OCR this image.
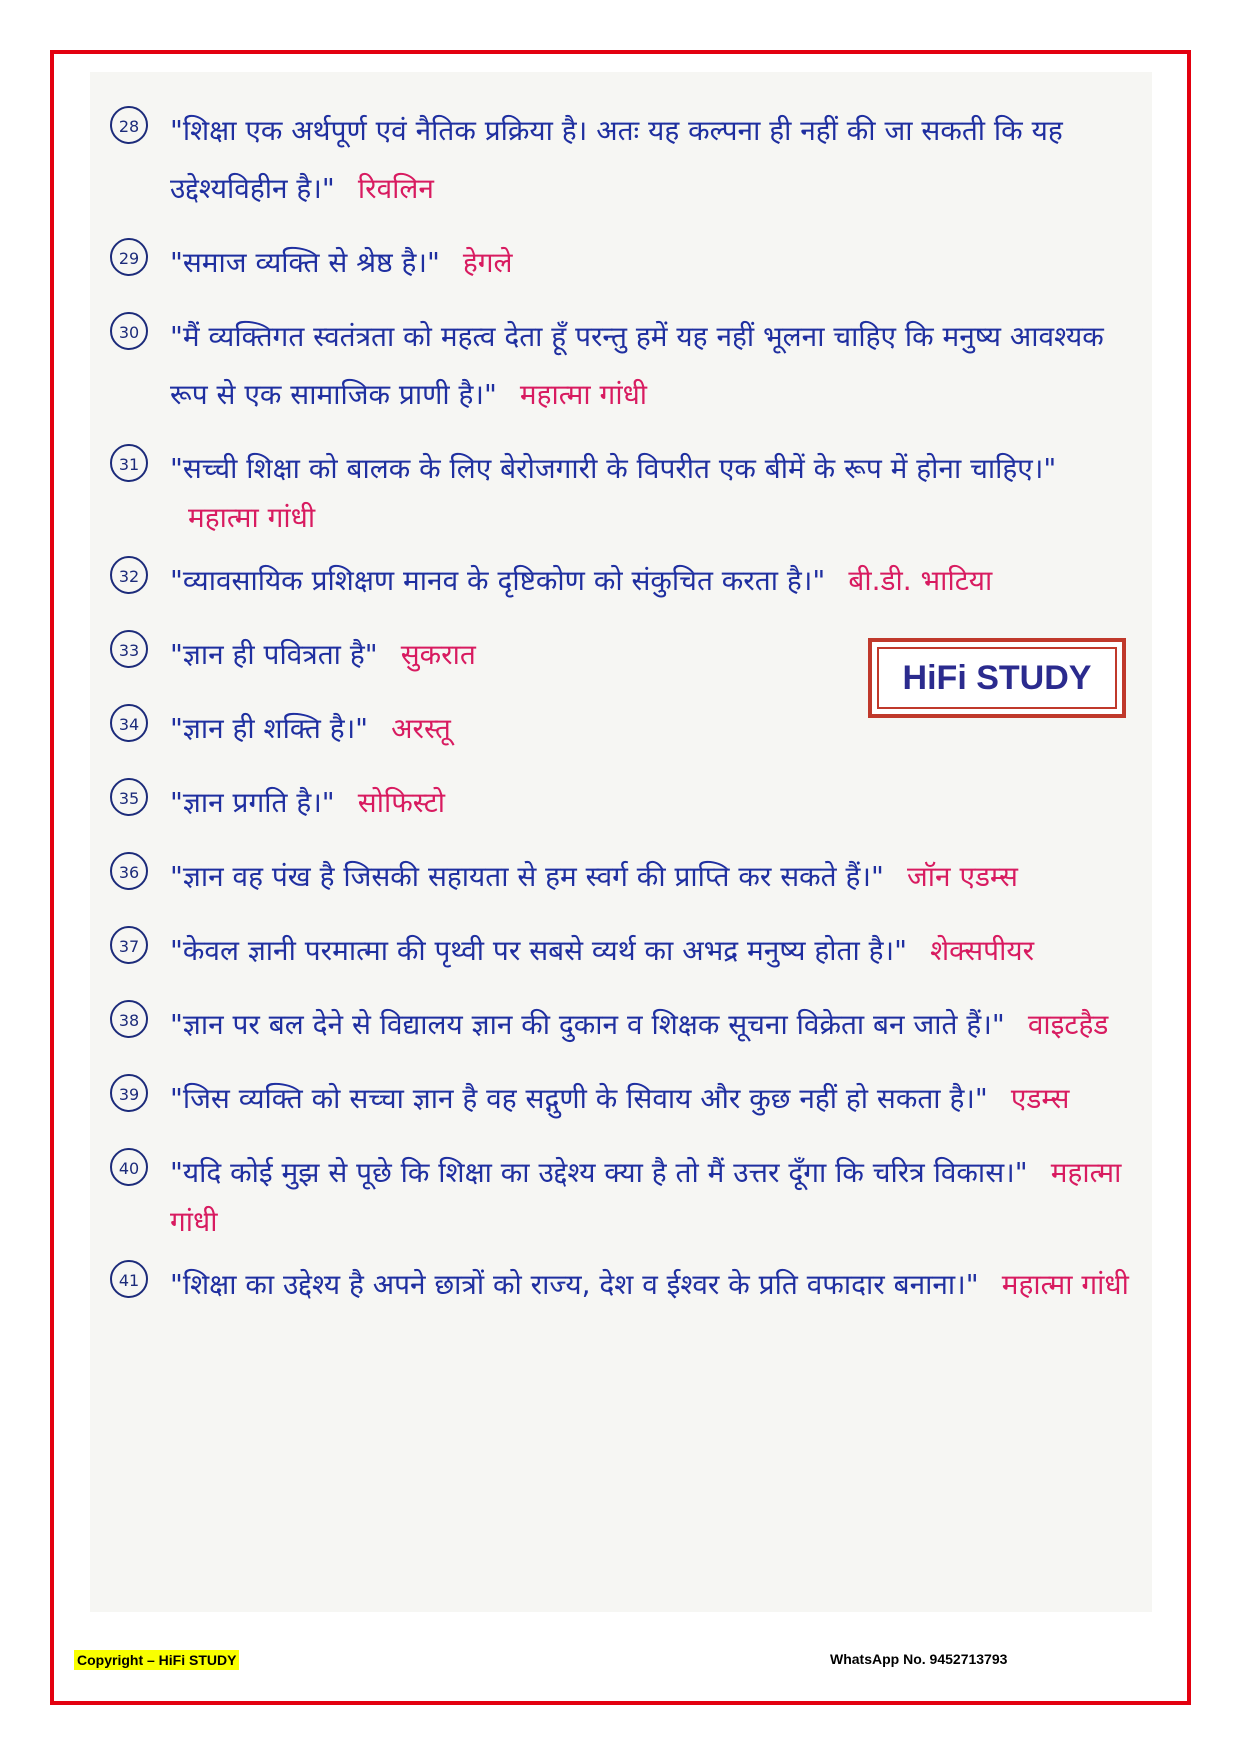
28	"शिक्षा एक अर्थपूर्ण एवं नैतिक प्रक्रिया है। अतः यह कल्पना ही नहीं की जा सकती कि यह उद्देश्यविहीन है।" रिवलिन
29	"समाज व्यक्ति से श्रेष्ठ है।" हेगले
30	"मैं व्यक्तिगत स्वतंत्रता को महत्व देता हूँ परन्तु हमें यह नहीं भूलना चाहिए कि मनुष्य आवश्यक रूप से एक सामाजिक प्राणी है।" महात्मा गांधी
31	"सच्ची शिक्षा को बालक के लिए बेरोजगारी के विपरीत एक बीमें के रूप में होना चाहिए।" महात्मा गांधी
32	"व्यावसायिक प्रशिक्षण मानव के दृष्टिकोण को संकुचित करता है।" बी.डी. भाटिया
33	"ज्ञान ही पवित्रता है" सुकरात
34	"ज्ञान ही शक्ति है।" अरस्तू
35	"ज्ञान प्रगति है।" सोफिस्टो
36	"ज्ञान वह पंख है जिसकी सहायता से हम स्वर्ग की प्राप्ति कर सकते हैं।" जॉन एडम्स
37	"केवल ज्ञानी परमात्मा की पृथ्वी पर सबसे व्यर्थ का अभद्र मनुष्य होता है।" शेक्सपीयर
38	"ज्ञान पर बल देने से विद्यालय ज्ञान की दुकान व शिक्षक सूचना विक्रेता बन जाते हैं।" वाइटहैड
39	"जिस व्यक्ति को सच्चा ज्ञान है वह सद्गुणी के सिवाय और कुछ नहीं हो सकता है।" एडम्स
40	"यदि कोई मुझ से पूछे कि शिक्षा का उद्देश्य क्या है तो मैं उत्तर दूँगा कि चरित्र विकास।" महात्मा गांधी
41	"शिक्षा का उद्देश्य है अपने छात्रों को राज्य, देश व ईश्वर के प्रति वफादार बनाना।" महात्मा गांधी
HiFi STUDY
Copyright – HiFi STUDY	WhatsApp No. 9452713793
